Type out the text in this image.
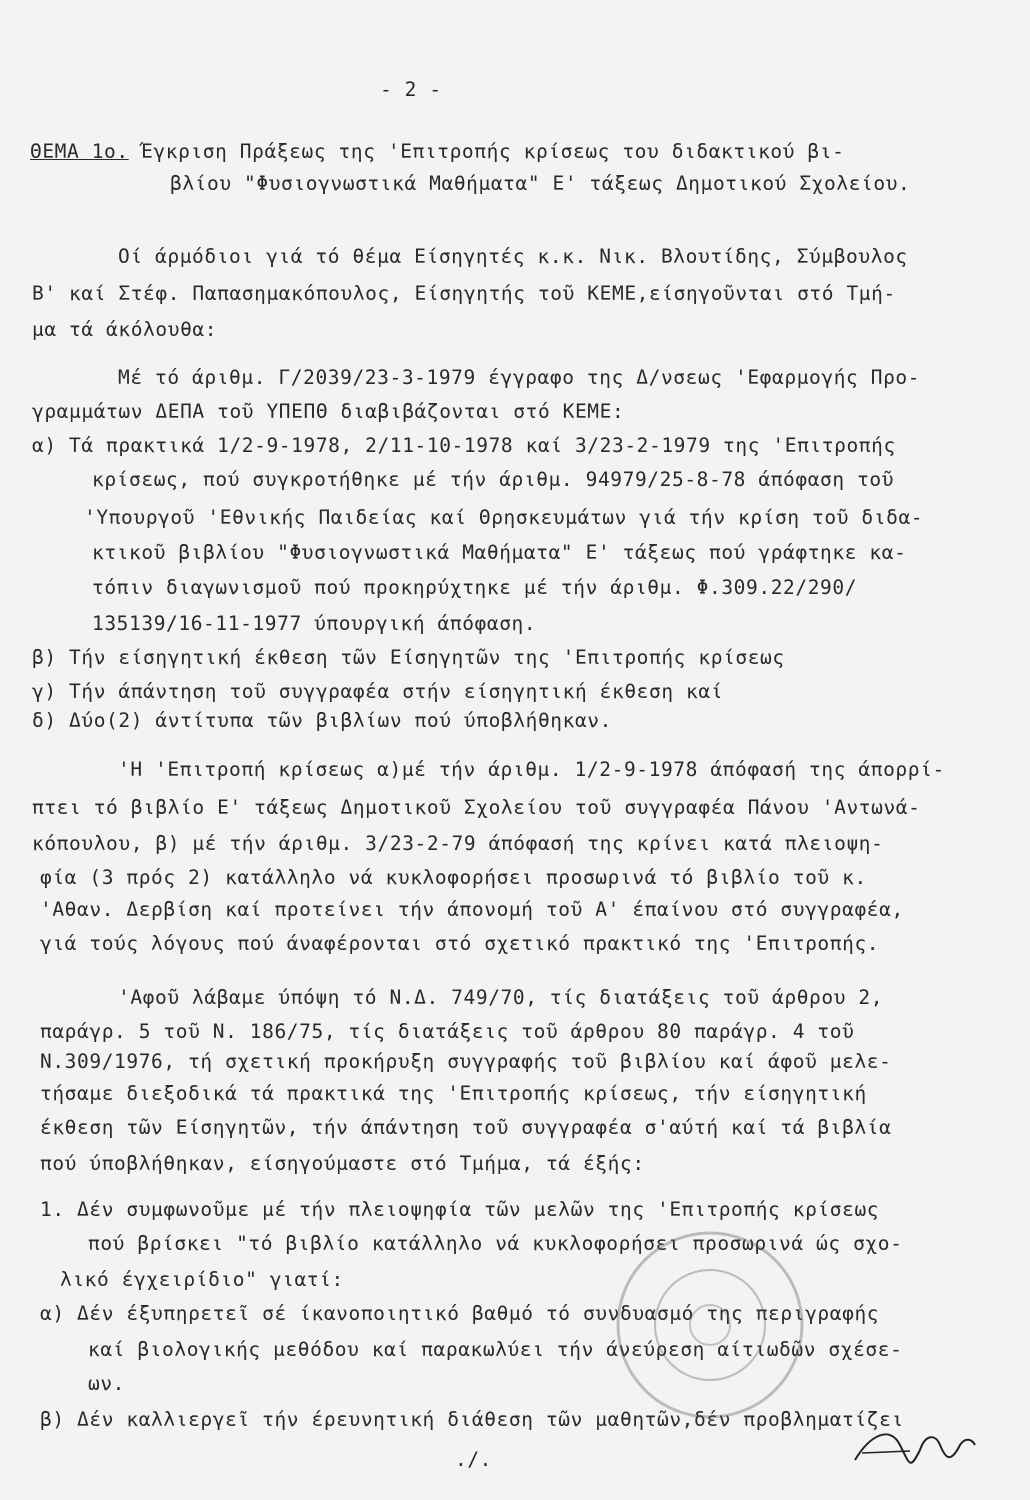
- 2 -
ΘΕΜΑ 1ο. Έγκριση Πράξεως της 'Επιτροπής κρίσεως του διδακτικού βι-
βλίου "Φυσιογνωστικά Μαθήματα" Ε' τάξεως Δημοτικού Σχολείου.
Οί άρμόδιοι γιά τό θέμα Είσηγητές κ.κ. Νικ. Βλουτίδης, Σύμβουλος
Β' καί Στέφ. Παπασημακόπουλος, Είσηγητής τοῦ ΚΕΜΕ,είσηγοῦνται στό Τμή-
μα τά άκόλουθα:
Μέ τό άριθμ. Γ/2039/23-3-1979 έγγραφο της Δ/νσεως 'Εφαρμογής Προ-
γραμμάτων ΔΕΠΑ τοῦ ΥΠΕΠΘ διαβιβάζονται στό ΚΕΜΕ:
α) Τά πρακτικά 1/2-9-1978, 2/11-10-1978 καί 3/23-2-1979 της 'Επιτροπής
κρίσεως, πού συγκροτήθηκε μέ τήν άριθμ. 94979/25-8-78 άπόφαση τοῦ
'Υπουργοῦ 'Εθνικής Παιδείας καί Θρησκευμάτων γιά τήν κρίση τοῦ διδα-
κτικοῦ βιβλίου "Φυσιογνωστικά Μαθήματα" Ε' τάξεως πού γράφτηκε κα-
τόπιν διαγωνισμοῦ πού προκηρύχτηκε μέ τήν άριθμ. Φ.309.22/290/
135139/16-11-1977 ύπουργική άπόφαση.
β) Τήν είσηγητική έκθεση τῶν Είσηγητῶν της 'Επιτροπής κρίσεως
γ) Τήν άπάντηση τοῦ συγγραφέα στήν είσηγητική έκθεση καί
δ) Δύο(2) άντίτυπα τῶν βιβλίων πού ύποβλήθηκαν.
'Η 'Επιτροπή κρίσεως α)μέ τήν άριθμ. 1/2-9-1978 άπόφασή της άπορρί-
πτει τό βιβλίο Ε' τάξεως Δημοτικοῦ Σχολείου τοῦ συγγραφέα Πάνου 'Αντωνά-
κόπουλου, β) μέ τήν άριθμ. 3/23-2-79 άπόφασή της κρίνει κατά πλειοψη-
φία (3 πρός 2) κατάλληλο νά κυκλοφορήσει προσωρινά τό βιβλίο τοῦ κ.
'Αθαν. Δερβίση καί προτείνει τήν άπονομή τοῦ Α' έπαίνου στό συγγραφέα,
γιά τούς λόγους πού άναφέρονται στό σχετικό πρακτικό της 'Επιτροπής.
'Αφοῦ λάβαμε ύπόψη τό Ν.Δ. 749/70, τίς διατάξεις τοῦ άρθρου 2,
παράγρ. 5 τοῦ Ν. 186/75, τίς διατάξεις τοῦ άρθρου 80 παράγρ. 4 τοῦ
Ν.309/1976, τή σχετική προκήρυξη συγγραφής τοῦ βιβλίου καί άφοῦ μελε-
τήσαμε διεξοδικά τά πρακτικά της 'Επιτροπής κρίσεως, τήν είσηγητική
έκθεση τῶν Είσηγητῶν, τήν άπάντηση τοῦ συγγραφέα σ'αύτή καί τά βιβλία
πού ύποβλήθηκαν, είσηγούμαστε στό Τμήμα, τά έξής:
1. Δέν συμφωνοῦμε μέ τήν πλειοψηφία τῶν μελῶν της 'Επιτροπής κρίσεως
πού βρίσκει "τό βιβλίο κατάλληλο νά κυκλοφορήσει προσωρινά ώς σχο-
λικό έγχειρίδιο" γιατί:
α) Δέν έξυπηρετεῖ σέ ίκανοποιητικό βαθμό τό συνδυασμό της περιγραφής
καί βιολογικής μεθόδου καί παρακωλύει τήν άνεύρεση αίτιωδῶν σχέσε-
ων.
β) Δέν καλλιεργεῖ τήν έρευνητική διάθεση τῶν μαθητῶν,δέν προβληματίζει
./.
